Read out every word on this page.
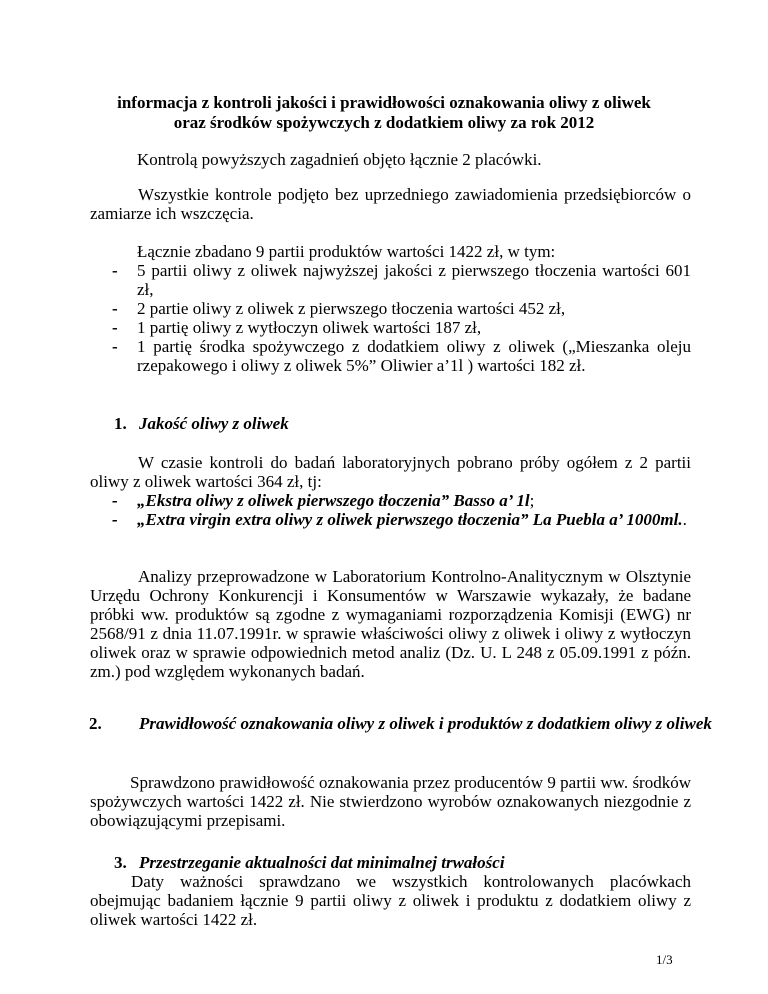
informacja z kontroli jakości i prawidłowości oznakowania oliwy z oliwek
oraz środków spożywczych z dodatkiem oliwy za rok 2012
Kontrolą powyższych zagadnień objęto łącznie 2 placówki.
Wszystkie kontrole podjęto bez uprzedniego zawiadomienia przedsiębiorców o zamiarze ich wszczęcia.
Łącznie zbadano 9 partii produktów wartości 1422 zł, w tym:
- 5 partii oliwy z oliwek najwyższej jakości z pierwszego tłoczenia wartości 601 zł,
- 2 partie oliwy z oliwek z pierwszego tłoczenia wartości 452 zł,
- 1 partię oliwy z wytłoczyn oliwek wartości 187 zł,
- 1 partię środka spożywczego z dodatkiem oliwy z oliwek („Mieszanka oleju rzepakowego i oliwy z oliwek 5%” Oliwier a’1l ) wartości 182 zł.
1. Jakość oliwy z oliwek
W czasie kontroli do badań laboratoryjnych pobrano próby ogółem z 2 partii oliwy z oliwek wartości 364 zł, tj:
- „Ekstra oliwy z oliwek pierwszego tłoczenia” Basso a’ 1l;
- „Extra virgin extra oliwy z oliwek pierwszego tłoczenia” La Puebla a’ 1000ml..
Analizy przeprowadzone w Laboratorium Kontrolno-Analitycznym w Olsztynie Urzędu Ochrony Konkurencji i Konsumentów w Warszawie wykazały, że badane próbki ww. produktów są zgodne z wymaganiami rozporządzenia Komisji (EWG) nr 2568/91 z dnia 11.07.1991r. w sprawie właściwości oliwy z oliwek i oliwy z wytłoczyn oliwek oraz w sprawie odpowiednich metod analiz (Dz. U. L 248 z 05.09.1991 z późn. zm.) pod względem wykonanych badań.
2. Prawidłowość oznakowania oliwy z oliwek i produktów z dodatkiem oliwy z oliwek
Sprawdzono prawidłowość oznakowania przez producentów 9 partii ww. środków spożywczych wartości 1422 zł. Nie stwierdzono wyrobów oznakowanych niezgodnie z obowiązującymi przepisami.
3. Przestrzeganie aktualności dat minimalnej trwałości
Daty ważności sprawdzano we wszystkich kontrolowanych placówkach obejmując badaniem łącznie 9 partii oliwy z oliwek i produktu z dodatkiem oliwy z oliwek wartości 1422 zł.
1/3
